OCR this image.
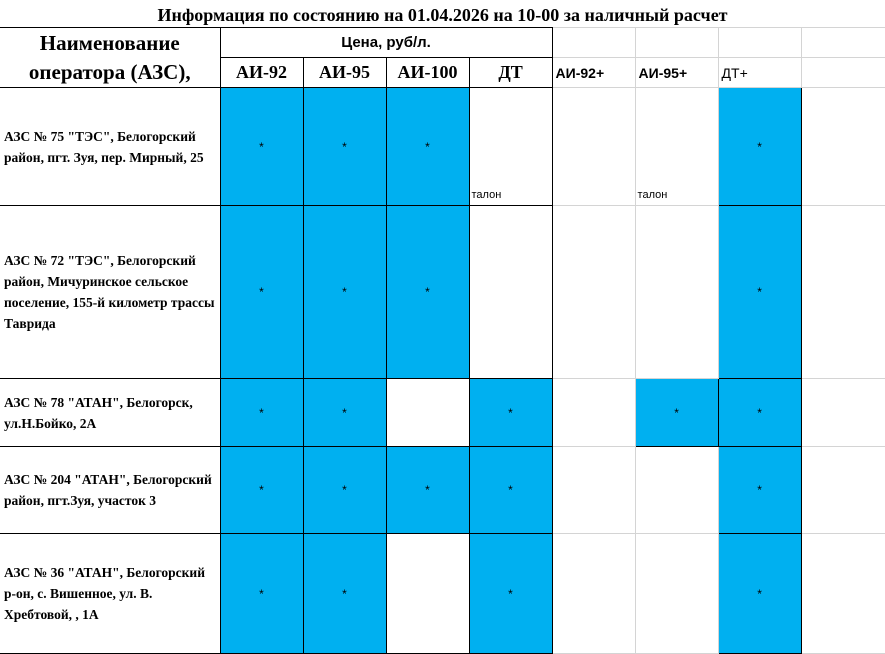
Информация по состоянию на 01.04.2026 на 10-00 за наличный расчет
Наименование оператора (АЗС),	Цена, руб/л.							
	АИ-92	АИ-95	АИ-100	ДТ	АИ-92+	АИ-95+	ДТ+	
АЗС № 75 "ТЭС", Белогорский район, пгт. Зуя, пер. Мирный, 25	*	*	*	талон		талон	*	

АЗС № 72 "ТЭС", Белогорский район, Мичуринское сельское поселение, 155-й километр трассы Таврида	*	*	*				*	

АЗС № 78 "АТАН", Белогорск, ул.Н.Бойко, 2А	*	*		*		*	*	

АЗС № 204 "АТАН", Белогорский район, пгт.Зуя, участок 3	*	*	*	*			*	

АЗС № 36 "АТАН", Белогорский р-он, с. Вишенное, ул. В. Хребтовой, , 1А	*	*		*			*	
